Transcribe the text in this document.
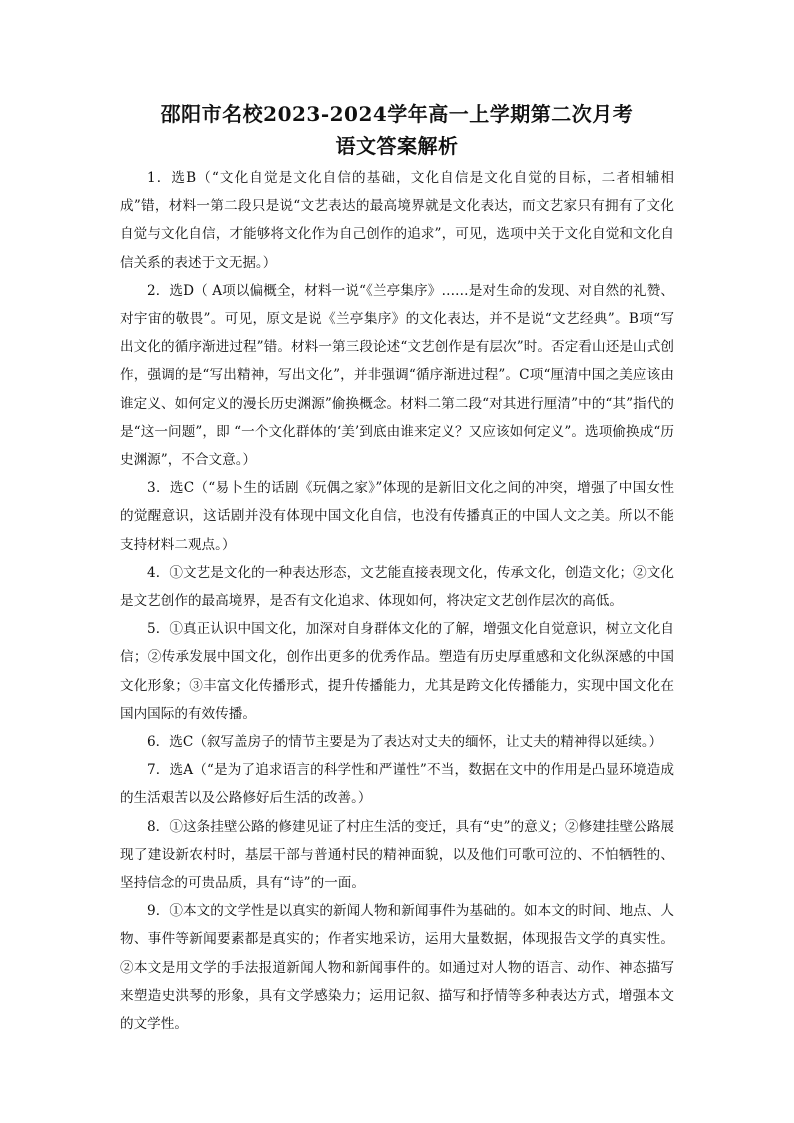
邵阳市名校2023-2024学年高一上学期第二次月考
语文答案解析

1．选B（“文化自觉是文化自信的基础，文化自信是文化自觉的目标，二者相辅相成”错，材料一第二段只是说“文艺表达的最高境界就是文化表达，而文艺家只有拥有了文化自觉与文化自信，才能够将文化作为自己创作的追求”，可见，选项中关于文化自觉和文化自信关系的表述于文无据。）

2．选D（ A项以偏概全，材料一说“《兰亭集序》……是对生命的发现、对自然的礼赞、对宇宙的敬畏”。可见，原文是说《兰亭集序》的文化表达，并不是说“文艺经典”。B项“写出文化的循序渐进过程”错。材料一第三段论述“文艺创作是有层次”时。否定看山还是山式创作，强调的是“写出精神，写出文化”，并非强调“循序渐进过程”。C项“厘清中国之美应该由谁定义、如何定义的漫长历史渊源”偷换概念。材料二第二段“对其进行厘清”中的“其”指代的是“这一问题”，即 “一个文化群体的‘美’到底由谁来定义？又应该如何定义”。选项偷换成“历史渊源”，不合文意。）

3．选C（“易卜生的话剧《玩偶之家》”体现的是新旧文化之间的冲突，增强了中国女性的觉醒意识，这话剧并没有体现中国文化自信，也没有传播真正的中国人文之美。所以不能支持材料二观点。）

4．①文艺是文化的一种表达形态，文艺能直接表现文化，传承文化，创造文化；②文化是文艺创作的最高境界，是否有文化追求、体现如何，将决定文艺创作层次的高低。

5．①真正认识中国文化，加深对自身群体文化的了解，增强文化自觉意识，树立文化自信；②传承发展中国文化，创作出更多的优秀作品。塑造有历史厚重感和文化纵深感的中国文化形象；③丰富文化传播形式，提升传播能力，尤其是跨文化传播能力，实现中国文化在国内国际的有效传播。

6．选C（叙写盖房子的情节主要是为了表达对丈夫的缅怀，让丈夫的精神得以延续。）

7．选A（“是为了追求语言的科学性和严谨性”不当，数据在文中的作用是凸显环境造成的生活艰苦以及公路修好后生活的改善。）

8．①这条挂壁公路的修建见证了村庄生活的变迁，具有“史”的意义；②修建挂壁公路展现了建设新农村时，基层干部与普通村民的精神面貌，以及他们可歌可泣的、不怕牺牲的、坚持信念的可贵品质，具有“诗”的一面。

9．①本文的文学性是以真实的新闻人物和新闻事件为基础的。如本文的时间、地点、人物、事件等新闻要素都是真实的；作者实地采访，运用大量数据，体现报告文学的真实性。②本文是用文学的手法报道新闻人物和新闻事件的。如通过对人物的语言、动作、神态描写来塑造史洪琴的形象，具有文学感染力；运用记叙、描写和抒情等多种表达方式，增强本文的文学性。
